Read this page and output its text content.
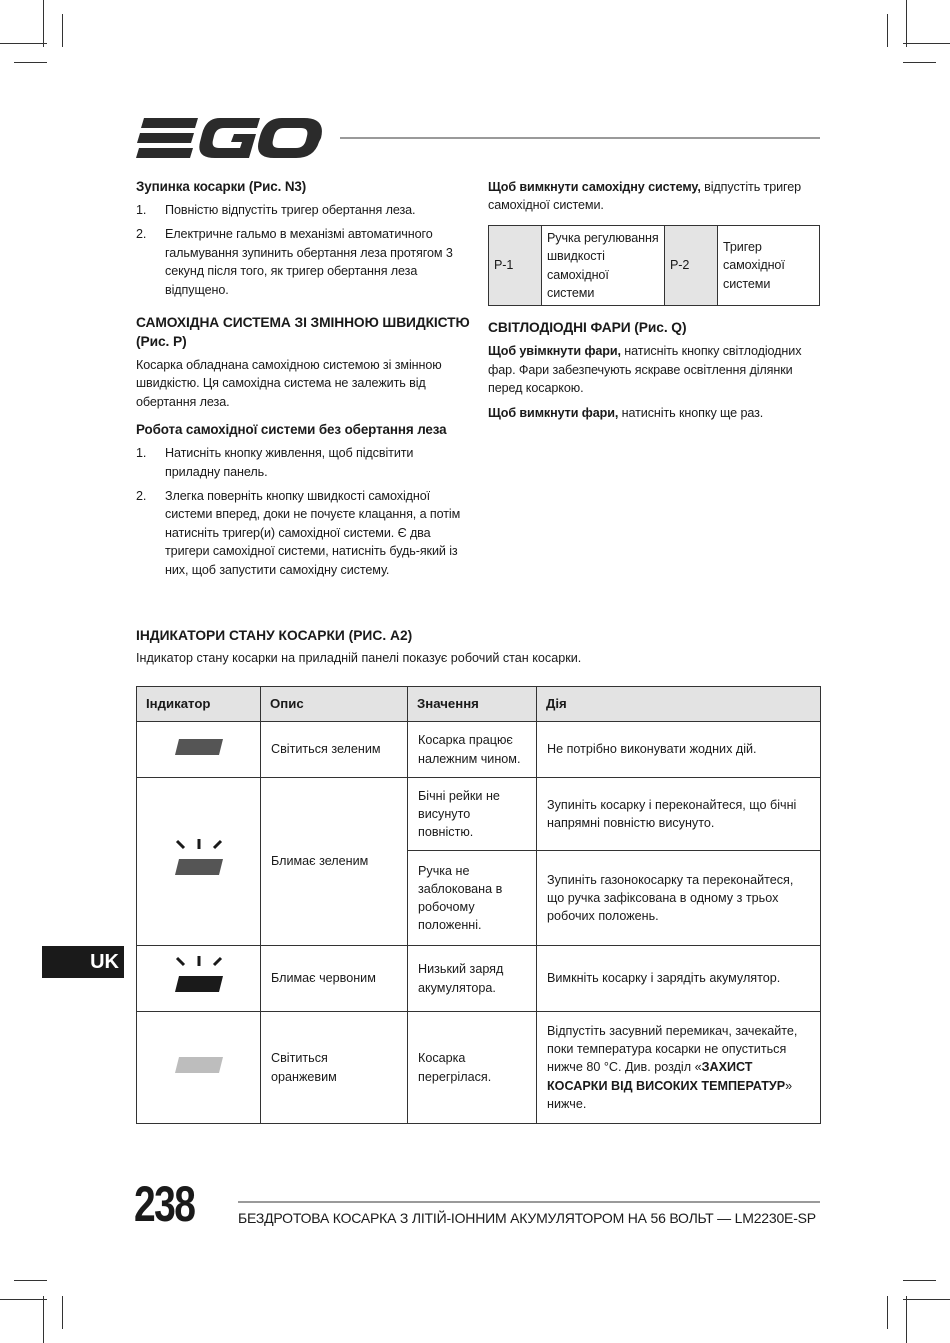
Зупинка косарки (Рис. N3)
1. Повністю відпустіть тригер обертання леза.
2. Електричне гальмо в механізмі автоматичного гальмування зупинить обертання леза протягом 3 секунд після того, як тригер обертання леза відпущено.
САМОХІДНА СИСТЕМА ЗІ ЗМІННОЮ ШВИДКІСТЮ (Рис. P)

Косарка обладнана самохідною системою зі змінною швидкістю. Ця самохідна система не залежить від обертання леза.

Робота самохідної системи без обертання леза
1. Натисніть кнопку живлення, щоб підсвітити приладну панель.
2. Злегка поверніть кнопку швидкості самохідної системи вперед, доки не почуєте клацання, а потім натисніть тригер(и) самохідної системи. Є два тригери самохідної системи, натисніть будь-який із них, щоб запустити самохідну систему.

Щоб вимкнути самохідну систему, відпустіть тригер самохідної системи.

P-1	Ручка регулювання швидкості самохідної системи	P-2	Тригер самохідної системи
СВІТЛОДІОДНІ ФАРИ (Рис. Q)

Щоб увімкнути фари, натисніть кнопку світлодіодних фар. Фари забезпечують яскраве освітлення ділянки перед косаркою.

Щоб вимкнути фари, натисніть кнопку ще раз.

ІНДИКАТОРИ СТАНУ КОСАРКИ (РИС. A2)
Індикатор стану косарки на приладній панелі показує робочий стан косарки.
Індикатор	Опис	Значення	Дія
	Світиться зеленим	Косарка працює належним чином.	Не потрібно виконувати жодних дій.
	Блимає зеленим	Бічні рейки не висунуто повністю.	Зупиніть косарку і переконайтеся, що бічні напрямні повністю висунуто.
		Ручка не заблокована в робочому положенні.	Зупиніть газонокосарку та переконайтеся, що ручка зафіксована в одному з трьох робочих положень.
	Блимає червоним	Низький заряд акумулятора.	Вимкніть косарку і зарядіть акумулятор.
	Світиться оранжевим	Косарка перегрілася.	Відпустіть засувний перемикач, зачекайте, поки температура косарки не опуститься нижче 80 °C. Див. розділ «ЗАХИСТ КОСАРКИ ВІД ВИСОКИХ ТЕМПЕРАТУР» нижче.
UK
238	БЕЗДРОТОВА КОСАРКА З ЛІТІЙ-ІОННИМ АКУМУЛЯТОРОМ НА 56 ВОЛЬТ — LM2230E-SP
